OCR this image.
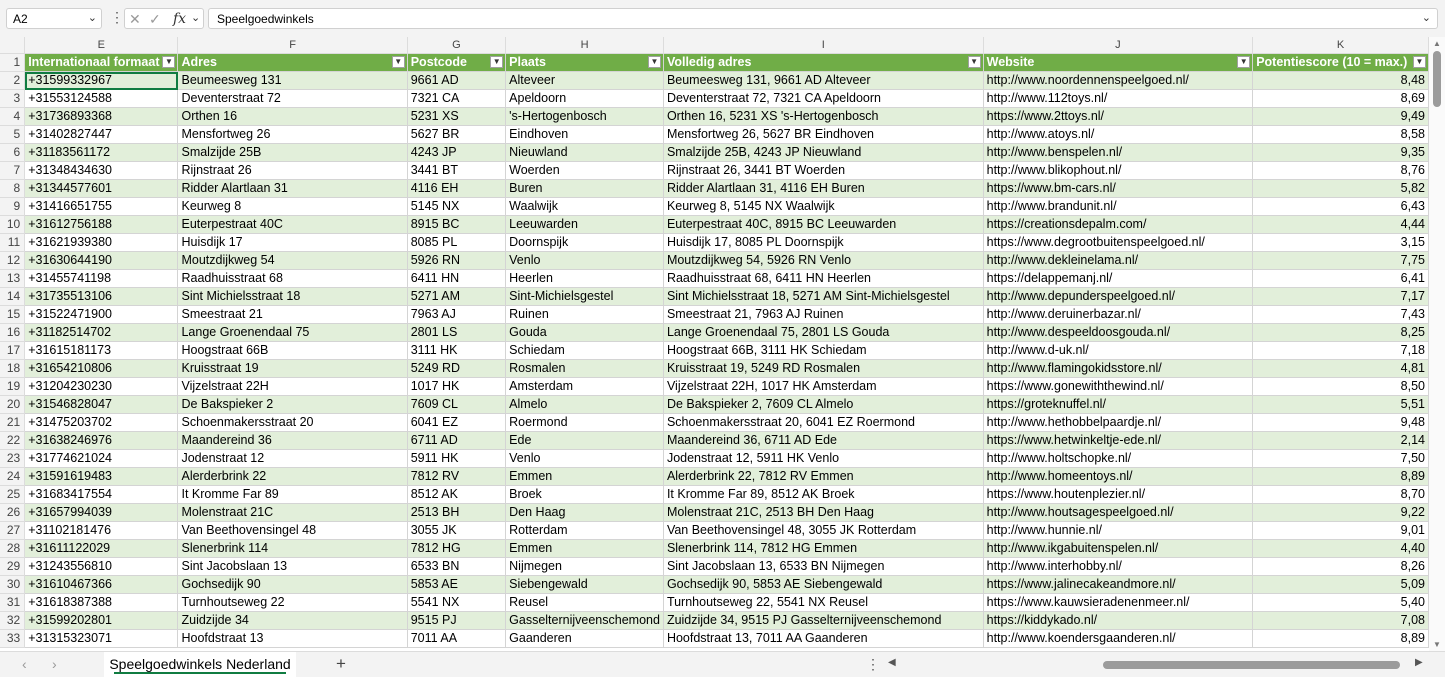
A2	⌄ ⋮ ✕ ✓ fx ⌄ Speelgoedwinkels	⌄
	E	F	G	H	I	J	K
1	Internationaal formaat ▼	Adres ▼	Postcode ▼	Plaats ▼	Volledig adres ▼	Website ▼	Potentiescore (10 = max.) ▼

2	+31599332967	Beumeesweg 131	9661 AD	Alteveer	Beumeesweg 131, 9661 AD Alteveer	http://www.noordennenspeelgoed.nl/	8,48
3	+31553124588	Deventerstraat 72	7321 CA	Apeldoorn	Deventerstraat 72, 7321 CA Apeldoorn	http://www.112toys.nl/	8,69
4	+31736893368	Orthen 16	5231 XS	's-Hertogenbosch	Orthen 16, 5231 XS 's-Hertogenbosch	https://www.2ttoys.nl/	9,49
5	+31402827447	Mensfortweg 26	5627 BR	Eindhoven	Mensfortweg 26, 5627 BR Eindhoven	http://www.atoys.nl/	8,58
6	+31183561172	Smalzijde 25B	4243 JP	Nieuwland	Smalzijde 25B, 4243 JP Nieuwland	http://www.benspelen.nl/	9,35
7	+31348434630	Rijnstraat 26	3441 BT	Woerden	Rijnstraat 26, 3441 BT Woerden	http://www.blikophout.nl/	8,76
8	+31344577601	Ridder Alartlaan 31	4116 EH	Buren	Ridder Alartlaan 31, 4116 EH Buren	https://www.bm-cars.nl/	5,82
9	+31416651755	Keurweg 8	5145 NX	Waalwijk	Keurweg 8, 5145 NX Waalwijk	http://www.brandunit.nl/	6,43
10	+31612756188	Euterpestraat 40C	8915 BC	Leeuwarden	Euterpestraat 40C, 8915 BC Leeuwarden	https://creationsdepalm.com/	4,44
11	+31621939380	Huisdijk 17	8085 PL	Doornspijk	Huisdijk 17, 8085 PL Doornspijk	https://www.degrootbuitenspeelgoed.nl/	3,15
12	+31630644190	Moutzdijkweg 54	5926 RN	Venlo	Moutzdijkweg 54, 5926 RN Venlo	http://www.dekleinelama.nl/	7,75
13	+31455741198	Raadhuisstraat 68	6411 HN	Heerlen	Raadhuisstraat 68, 6411 HN Heerlen	https://delappemanj.nl/	6,41
14	+31735513106	Sint Michielsstraat 18	5271 AM	Sint-Michielsgestel	Sint Michielsstraat 18, 5271 AM Sint-Michielsgestel	http://www.depunderspeelgoed.nl/	7,17
15	+31522471900	Smeestraat 21	7963 AJ	Ruinen	Smeestraat 21, 7963 AJ Ruinen	http://www.deruinerbazar.nl/	7,43
16	+31182514702	Lange Groenendaal 75	2801 LS	Gouda	Lange Groenendaal 75, 2801 LS Gouda	http://www.despeeldoosgouda.nl/	8,25
17	+31615181173	Hoogstraat 66B	3111 HK	Schiedam	Hoogstraat 66B, 3111 HK Schiedam	http://www.d-uk.nl/	7,18
18	+31654210806	Kruisstraat 19	5249 RD	Rosmalen	Kruisstraat 19, 5249 RD Rosmalen	http://www.flamingokidsstore.nl/	4,81
19	+31204230230	Vijzelstraat 22H	1017 HK	Amsterdam	Vijzelstraat 22H, 1017 HK Amsterdam	https://www.gonewiththewind.nl/	8,50
20	+31546828047	De Bakspieker 2	7609 CL	Almelo	De Bakspieker 2, 7609 CL Almelo	https://groteknuffel.nl/	5,51
21	+31475203702	Schoenmakersstraat 20	6041 EZ	Roermond	Schoenmakersstraat 20, 6041 EZ Roermond	http://www.hethobbelpaardje.nl/	9,48
22	+31638246976	Maandereind 36	6711 AD	Ede	Maandereind 36, 6711 AD Ede	https://www.hetwinkeltje-ede.nl/	2,14
23	+31774621024	Jodenstraat 12	5911 HK	Venlo	Jodenstraat 12, 5911 HK Venlo	http://www.holtschopke.nl/	7,50
24	+31591619483	Alerderbrink 22	7812 RV	Emmen	Alerderbrink 22, 7812 RV Emmen	http://www.homeentoys.nl/	8,89
25	+31683417554	It Kromme Far 89	8512 AK	Broek	It Kromme Far 89, 8512 AK Broek	https://www.houtenplezier.nl/	8,70
26	+31657994039	Molenstraat 21C	2513 BH	Den Haag	Molenstraat 21C, 2513 BH Den Haag	http://www.houtsagespeelgoed.nl/	9,22
27	+31102181476	Van Beethovensingel 48	3055 JK	Rotterdam	Van Beethovensingel 48, 3055 JK Rotterdam	http://www.hunnie.nl/	9,01
28	+31611122029	Slenerbrink 114	7812 HG	Emmen	Slenerbrink 114, 7812 HG Emmen	http://www.ikgabuitenspelen.nl/	4,40
29	+31243556810	Sint Jacobslaan 13	6533 BN	Nijmegen	Sint Jacobslaan 13, 6533 BN Nijmegen	http://www.interhobby.nl/	8,26
30	+31610467366	Gochsedijk 90	5853 AE	Siebengewald	Gochsedijk 90, 5853 AE Siebengewald	https://www.jalinecakeandmore.nl/	5,09
31	+31618387388	Turnhoutseweg 22	5541 NX	Reusel	Turnhoutseweg 22, 5541 NX Reusel	https://www.kauwsieradenenmeer.nl/	5,40
32	+31599202801	Zuidzijde 34	9515 PJ	Gasselternijveenschemond	Zuidzijde 34, 9515 PJ Gasselternijveenschemond	https://kiddykado.nl/	7,08
33	+31315323071	Hoofdstraat 13	7011 AA	Gaanderen	Hoofdstraat 13, 7011 AA Gaanderen	http://www.koendersgaanderen.nl/	8,89
▲
▼
‹ ›	Speelgoedwinkels Nederland	+	⋮ ◀	▶
